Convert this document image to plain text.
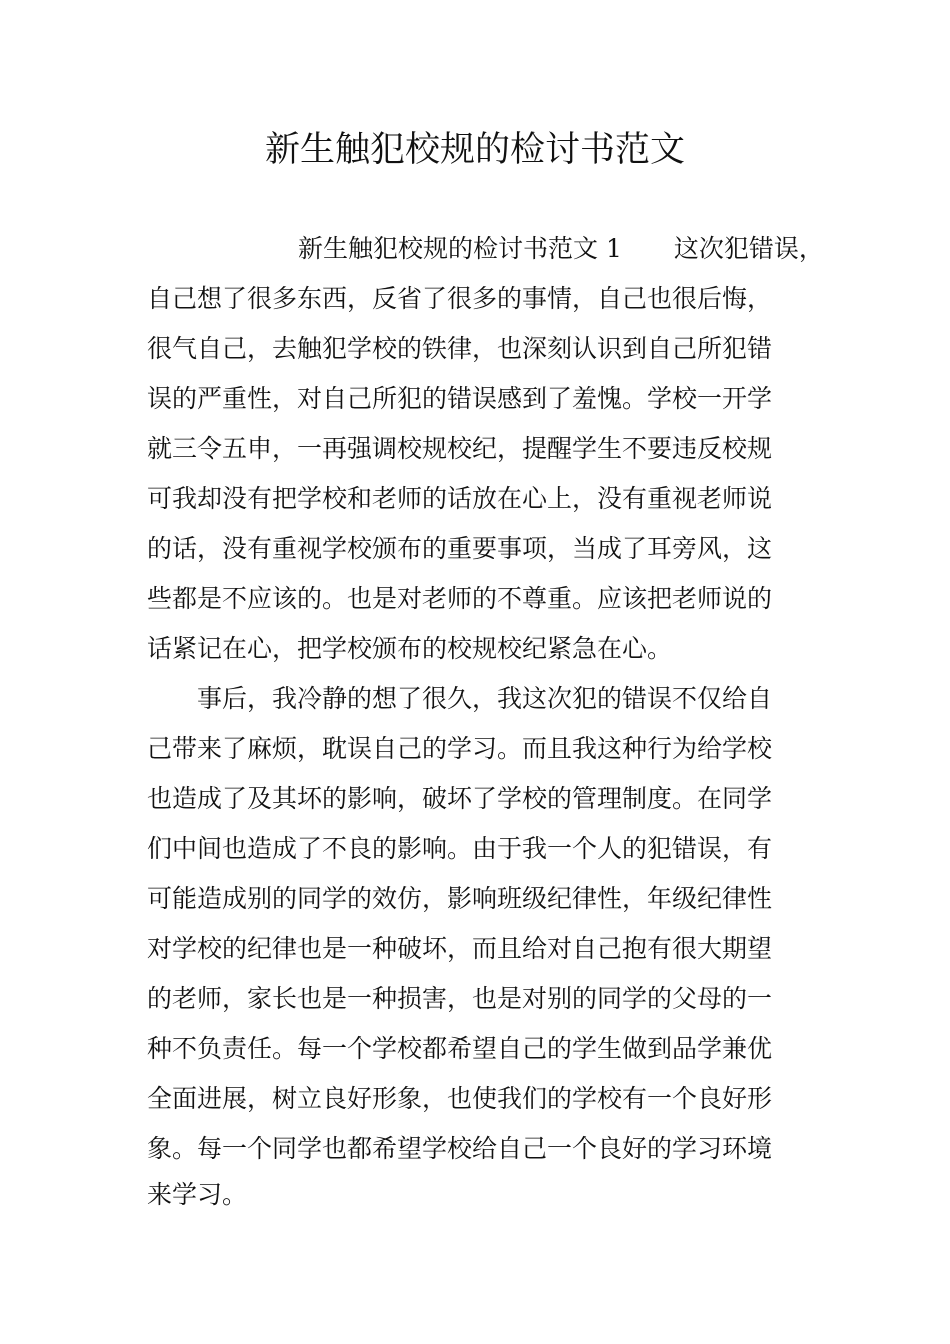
新生触犯校规的检讨书范文
新生触犯校规的检讨书范文 1 这次犯错误，
自己想了很多东西，反省了很多的事情，自己也很后悔，
很气自己，去触犯学校的铁律，也深刻认识到自己所犯错
误的严重性，对自己所犯的错误感到了羞愧。学校一开学
就三令五申，一再强调校规校纪，提醒学生不要违反校规
可我却没有把学校和老师的话放在心上，没有重视老师说
的话，没有重视学校颁布的重要事项，当成了耳旁风，这
些都是不应该的。也是对老师的不尊重。应该把老师说的
话紧记在心，把学校颁布的校规校纪紧急在心。
事后，我冷静的想了很久，我这次犯的错误不仅给自
己带来了麻烦，耽误自己的学习。而且我这种行为给学校
也造成了及其坏的影响，破坏了学校的管理制度。在同学
们中间也造成了不良的影响。由于我一个人的犯错误，有
可能造成别的同学的效仿，影响班级纪律性，年级纪律性
对学校的纪律也是一种破坏，而且给对自己抱有很大期望
的老师，家长也是一种损害，也是对别的同学的父母的一
种不负责任。每一个学校都希望自己的学生做到品学兼优
全面进展，树立良好形象，也使我们的学校有一个良好形
象。每一个同学也都希望学校给自己一个良好的学习环境
来学习。
